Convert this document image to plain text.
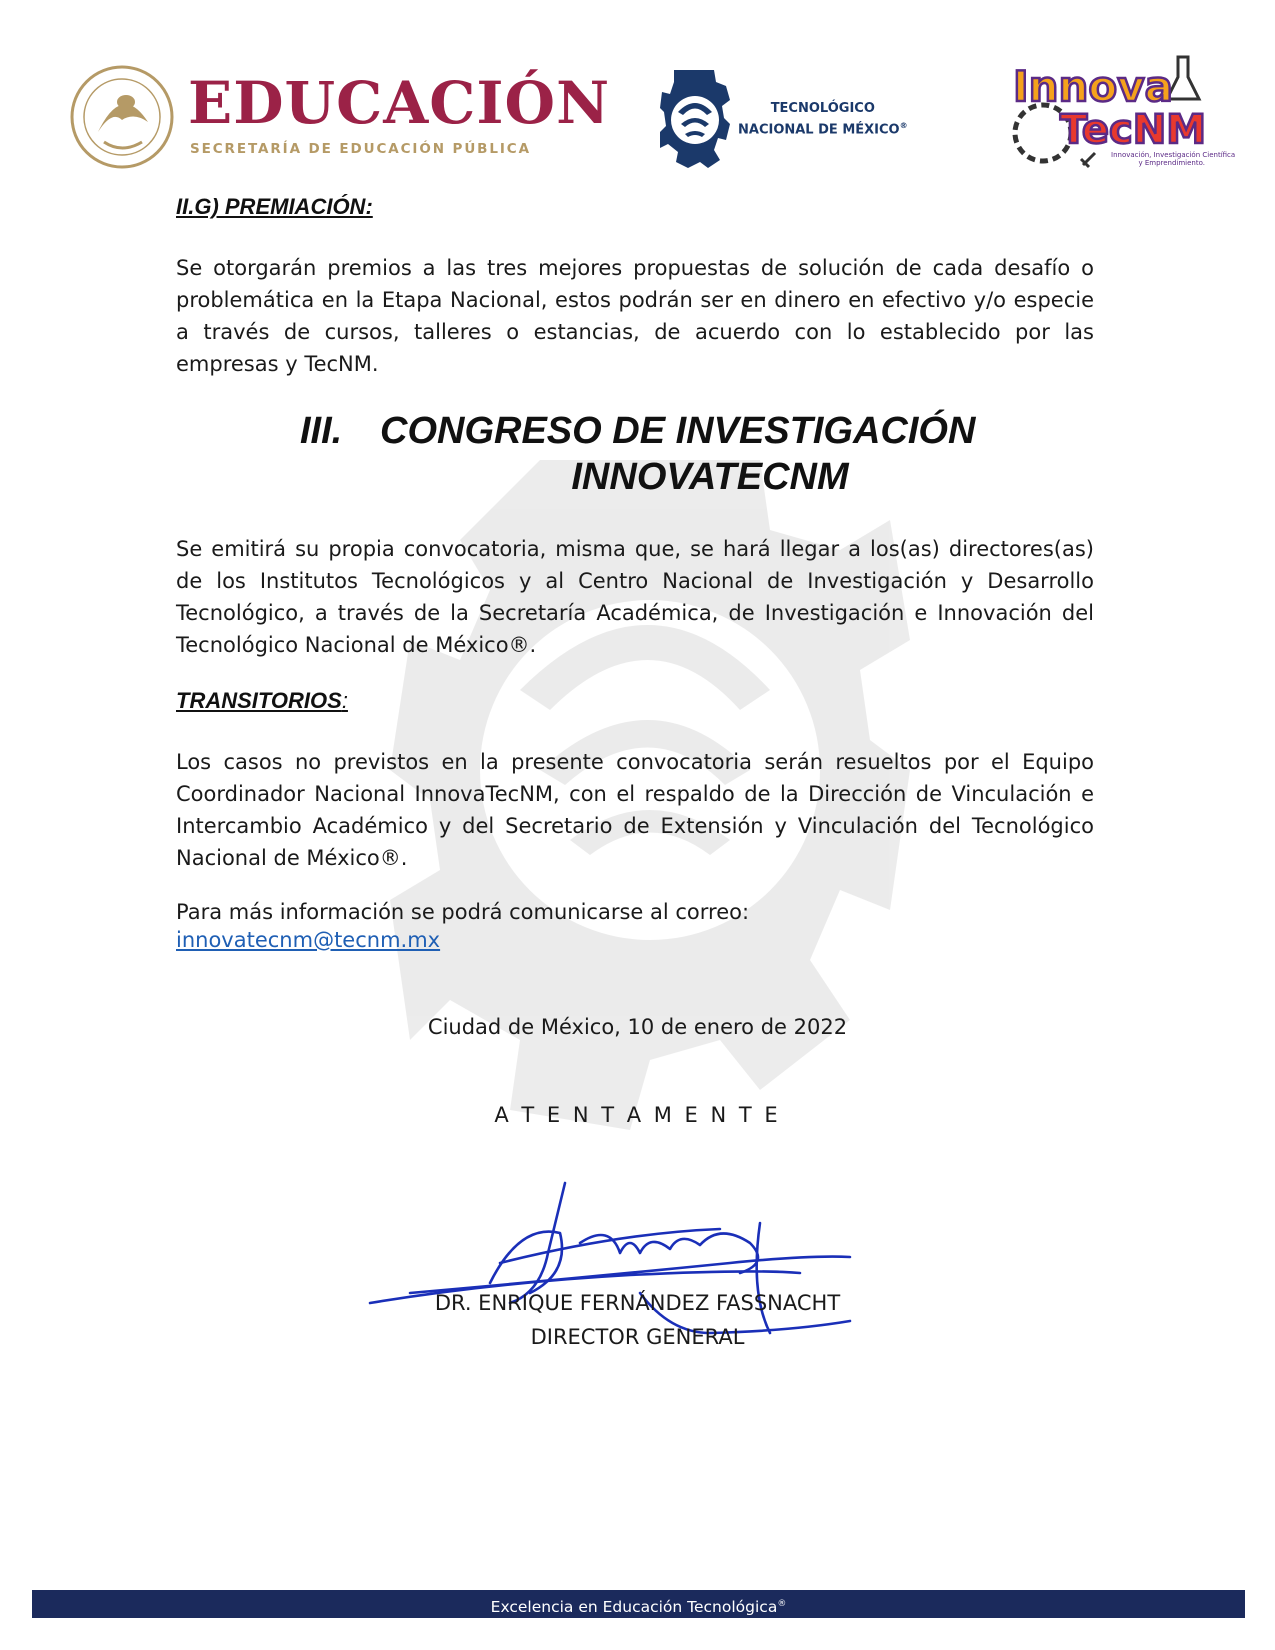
EDUCACIÓN
SECRETARÍA DE EDUCACIÓN PÚBLICA
TECNOLÓGICO
NACIONAL DE MÉXICO®
Innova
TecNM
Innovación, Investigación Científica
y Emprendimiento.
II.G) PREMIACIÓN:

Se otorgarán premios a las tres mejores propuestas de solución de cada desafío o problemática en la Etapa Nacional, estos podrán ser en dinero en efectivo y/o especie a través de cursos, talleres o estancias, de acuerdo con lo establecido por las empresas y TecNM.

III. CONGRESO DE INVESTIGACIÓN
INNOVATECNM

Se emitirá su propia convocatoria, misma que, se hará llegar a los(as) directores(as) de los Institutos Tecnológicos y al Centro Nacional de Investigación y Desarrollo Tecnológico, a través de la Secretaría Académica, de Investigación e Innovación del Tecnológico Nacional de México®.

TRANSITORIOS:

Los casos no previstos en la presente convocatoria serán resueltos por el Equipo Coordinador Nacional InnovaTecNM, con el respaldo de la Dirección de Vinculación e Intercambio Académico y del Secretario de Extensión y Vinculación del Tecnológico Nacional de México®.

Para más información se podrá comunicarse al correo:

innovatecnm@tecnm.mx

Ciudad de México, 10 de enero de 2022
A T E N T A M E N T E
DR. ENRIQUE FERNÁNDEZ FASSNACHT
DIRECTOR GENERAL
Excelencia en Educación Tecnológica®
